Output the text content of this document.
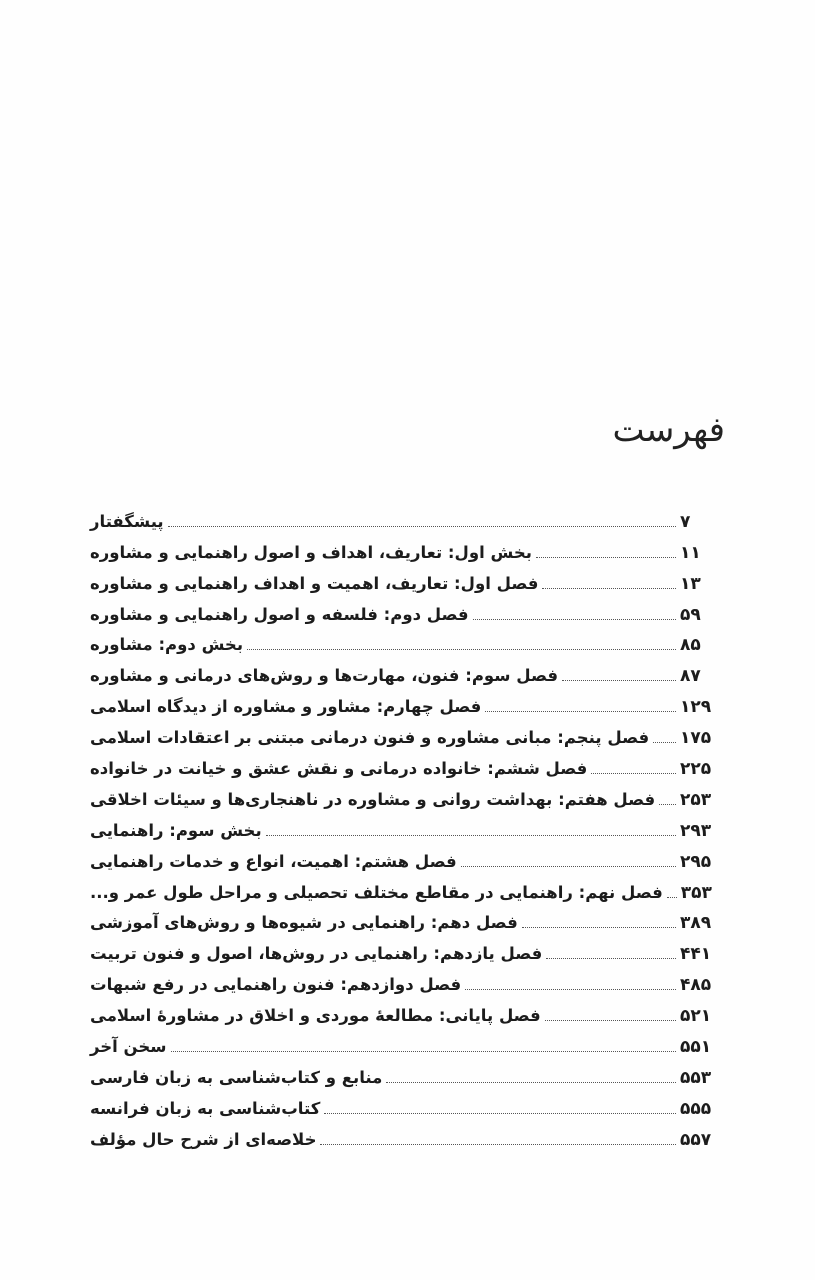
فهرست
پیشگفتار	۷
بخش اول: تعاریف، اهداف و اصول راهنمایی و مشاوره	۱۱
فصل اول: تعاریف، اهمیت و اهداف راهنمایی و مشاوره	۱۳
فصل دوم: فلسفه و اصول راهنمایی و مشاوره	۵۹
بخش دوم: مشاوره	۸۵
فصل سوم: فنون، مهارت‌ها و روش‌های درمانی و مشاوره	۸۷
فصل چهارم: مشاور و مشاوره از دیدگاه اسلامی	۱۲۹
فصل پنجم: مبانی مشاوره و فنون درمانی مبتنی بر اعتقادات اسلامی ۱۷۵
فصل ششم: خانواده درمانی و نقش عشق و خیانت در خانواده	۲۲۵
فصل هفتم: بهداشت روانی و مشاوره در ناهنجاری‌ها و سیئات اخلاقی ۲۵۳
بخش سوم: راهنمایی	۲۹۳
فصل هشتم: اهمیت، انواع و خدمات راهنمایی	۲۹۵
فصل نهم: راهنمایی در مقاطع مختلف تحصیلی و مراحل طول عمر و... ۳۵۳
فصل دهم: راهنمایی در شیوه‌ها و روش‌های آموزشی	۳۸۹
فصل یازدهم: راهنمایی در روش‌ها، اصول و فنون تربیت	۴۴۱
فصل دوازدهم: فنون راهنمایی در رفع شبهات	۴۸۵
فصل پایانی: مطالعهٔ موردی و اخلاق در مشاورهٔ اسلامی	۵۲۱
سخن آخر	۵۵۱
منابع و کتاب‌شناسی به زبان فارسی	۵۵۳
کتاب‌شناسی به زبان فرانسه	۵۵۵
خلاصه‌ای از شرح حال مؤلف	۵۵۷
